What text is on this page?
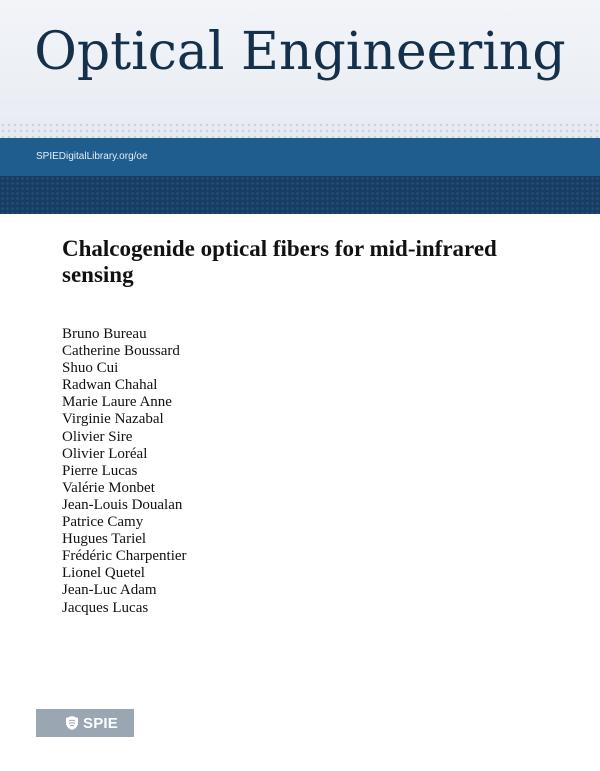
Optical Engineering
SPIEDigitalLibrary.org/oe
Chalcogenide optical fibers for mid-infrared sensing
Bruno Bureau
Catherine Boussard
Shuo Cui
Radwan Chahal
Marie Laure Anne
Virginie Nazabal
Olivier Sire
Olivier Loréal
Pierre Lucas
Valérie Monbet
Jean-Louis Doualan
Patrice Camy
Hugues Tariel
Frédéric Charpentier
Lionel Quetel
Jean-Luc Adam
Jacques Lucas
SPIE
